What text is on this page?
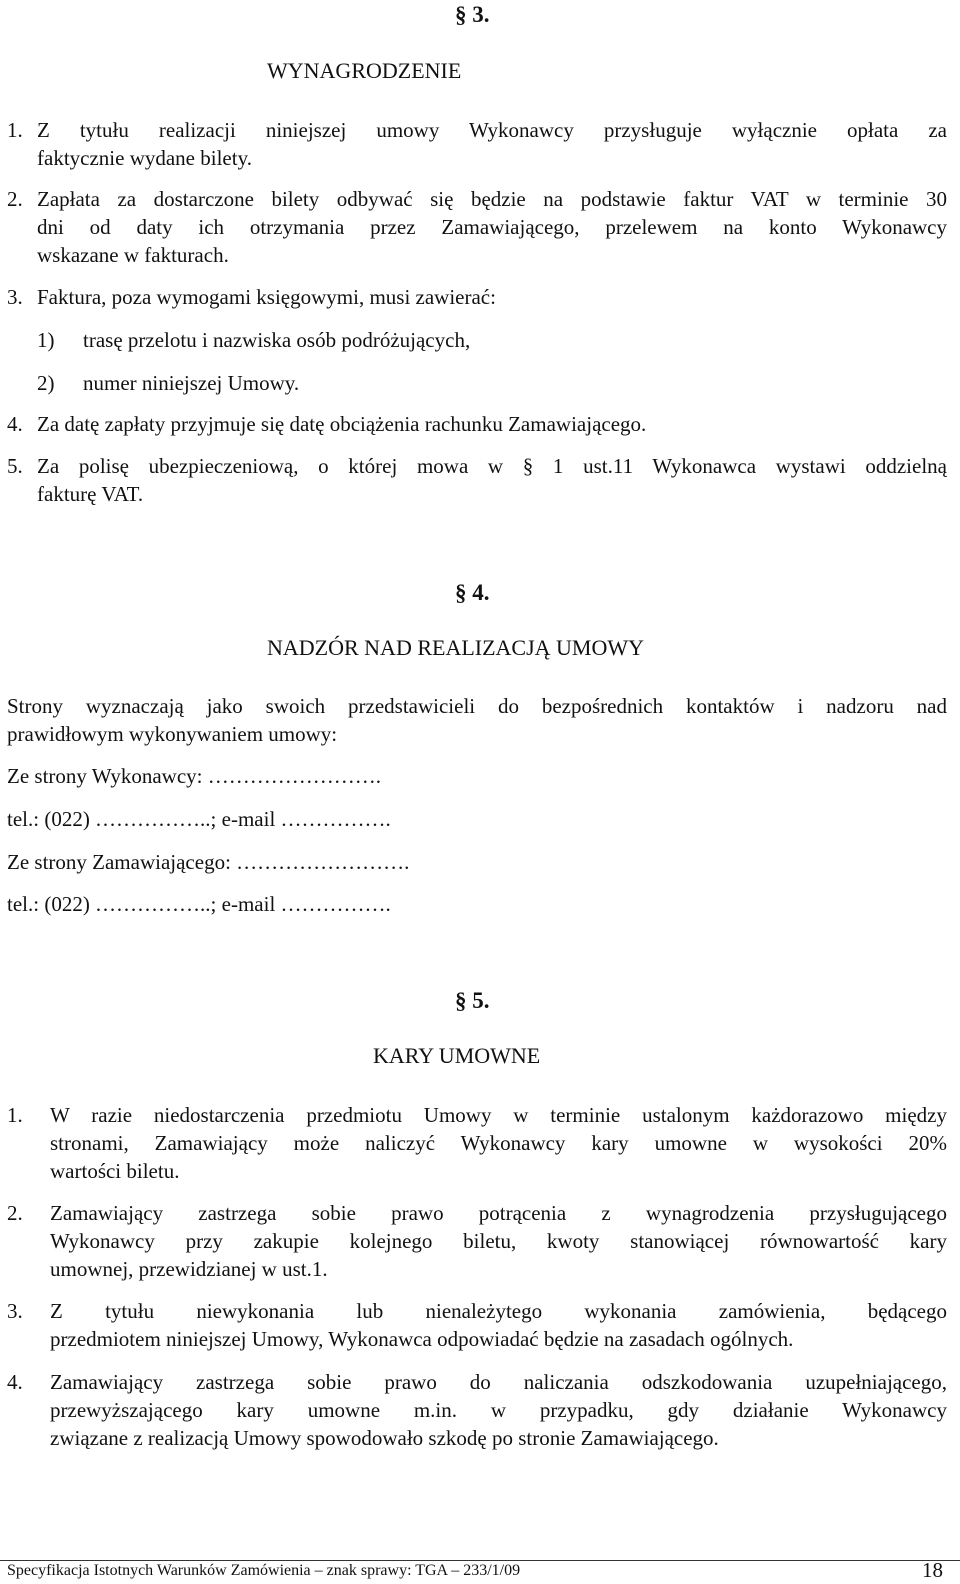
§ 3.
WYNAGRODZENIE
1. Z tytułu realizacji niniejszej umowy Wykonawcy przysługuje wyłącznie opłata za
faktycznie wydane bilety.
2. Zapłata za dostarczone bilety odbywać się będzie na podstawie faktur VAT w terminie 30
dni od daty ich otrzymania przez Zamawiającego, przelewem na konto Wykonawcy
wskazane w fakturach.
3. Faktura, poza wymogami księgowymi, musi zawierać:
1) trasę przelotu i nazwiska osób podróżujących,
2) numer niniejszej Umowy.
4. Za datę zapłaty przyjmuje się datę obciążenia rachunku Zamawiającego.
5. Za polisę ubezpieczeniową, o której mowa w § 1 ust.11 Wykonawca wystawi oddzielną
fakturę VAT.
§ 4.
NADZÓR NAD REALIZACJĄ UMOWY
Strony wyznaczają jako swoich przedstawicieli do bezpośrednich kontaktów i nadzoru nad
prawidłowym wykonywaniem umowy:
Ze strony Wykonawcy: …………………….
tel.: (022) ……………..; e-mail …………….
Ze strony Zamawiającego: …………………….
tel.: (022) ……………..; e-mail …………….
§ 5.
KARY UMOWNE
1. W razie niedostarczenia przedmiotu Umowy w terminie ustalonym każdorazowo między
stronami, Zamawiający może naliczyć Wykonawcy kary umowne w wysokości 20%
wartości biletu.
2. Zamawiający zastrzega sobie prawo potrącenia z wynagrodzenia przysługującego
Wykonawcy przy zakupie kolejnego biletu, kwoty stanowiącej równowartość kary
umownej, przewidzianej w ust.1.
3. Z tytułu niewykonania lub nienależytego wykonania zamówienia, będącego
przedmiotem niniejszej Umowy, Wykonawca odpowiadać będzie na zasadach ogólnych.
4. Zamawiający zastrzega sobie prawo do naliczania odszkodowania uzupełniającego,
przewyższającego kary umowne m.in. w przypadku, gdy działanie Wykonawcy
związane z realizacją Umowy spowodowało szkodę po stronie Zamawiającego.
Specyfikacja Istotnych Warunków Zamówienia – znak sprawy: TGA – 233/1/09	18
